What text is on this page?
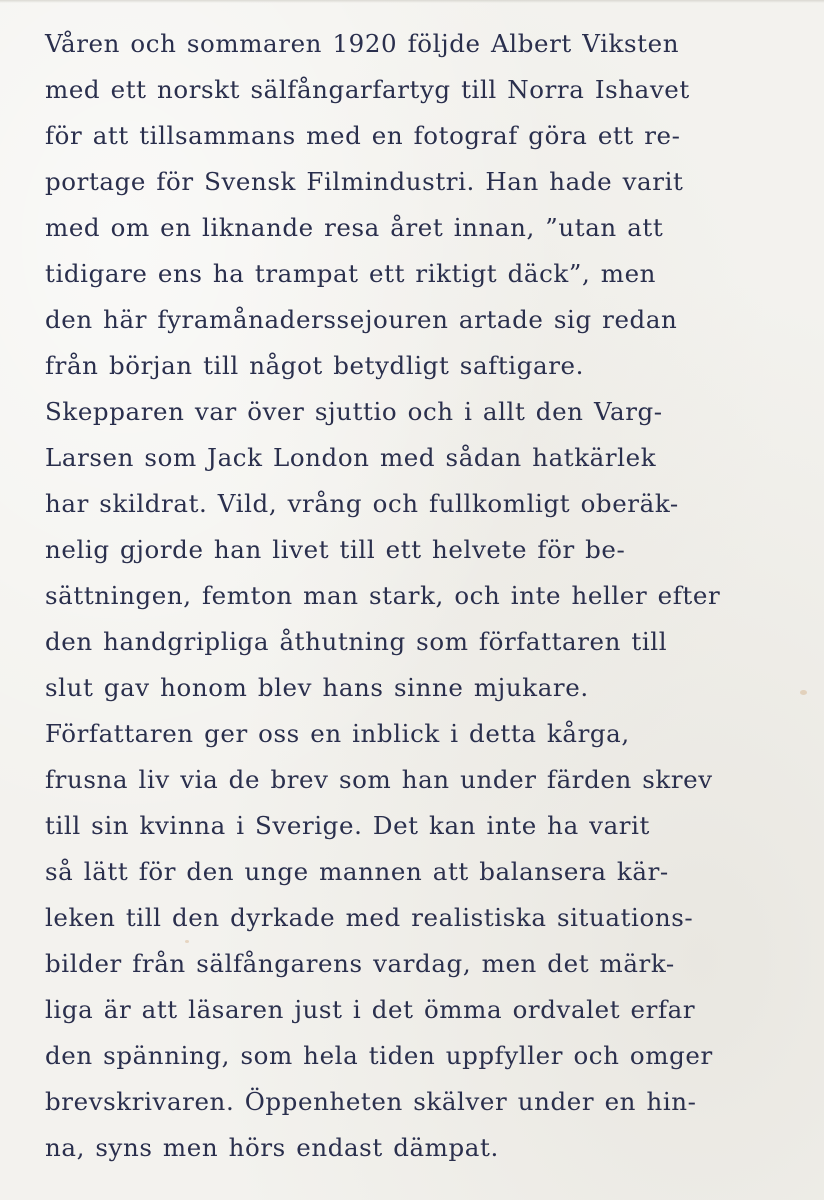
Våren och sommaren 1920 följde Albert Viksten
med ett norskt sälfångarfartyg till Norra Ishavet
för att tillsammans med en fotograf göra ett re-
portage för Svensk Filmindustri. Han hade varit
med om en liknande resa året innan, ”utan att
tidigare ens ha trampat ett riktigt däck”, men
den här fyramånaderssejouren artade sig redan
från början till något betydligt saftigare.
Skepparen var över sjuttio och i allt den Varg-
Larsen som Jack London med sådan hatkärlek
har skildrat. Vild, vrång och fullkomligt oberäk-
nelig gjorde han livet till ett helvete för be-
sättningen, femton man stark, och inte heller efter
den handgripliga åthutning som författaren till
slut gav honom blev hans sinne mjukare.
Författaren ger oss en inblick i detta kårga,
frusna liv via de brev som han under färden skrev
till sin kvinna i Sverige. Det kan inte ha varit
så lätt för den unge mannen att balansera kär-
leken till den dyrkade med realistiska situations-
bilder från sälfångarens vardag, men det märk-
liga är att läsaren just i det ömma ordvalet erfar
den spänning, som hela tiden uppfyller och omger
brevskrivaren. Öppenheten skälver under en hin-
na, syns men hörs endast dämpat.
